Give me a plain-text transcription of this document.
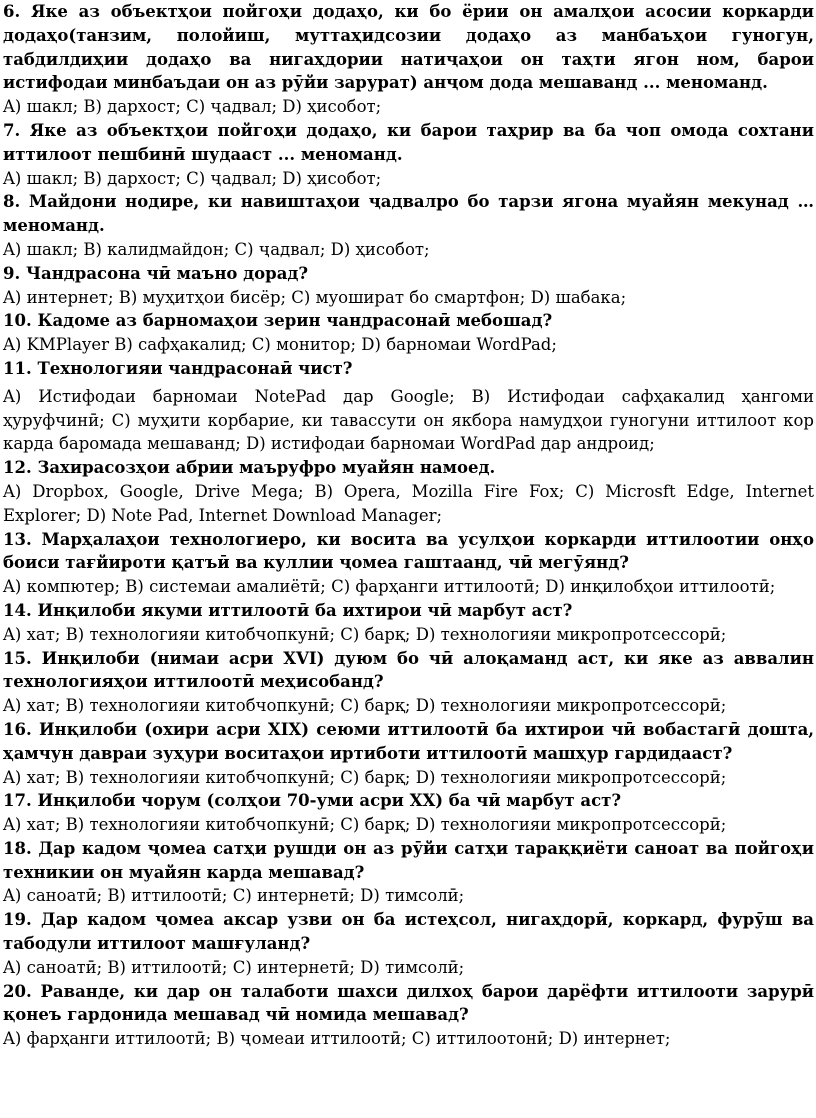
6. Яке аз объектҳои пойгоҳи додаҳо, ки бо ёрии он амалҳои асосии коркарди додаҳо(танзим, полойиш, муттаҳидсозии додаҳо аз манбаъҳои гуногун, табдилдиҳии додаҳо ва нигаҳдории натиҷаҳои он таҳти ягон ном, барои истифодаи минбаъдаи он аз рӯйи зарурат) анҷом дода мешаванд ... меноманд.

A) шакл; B) дархост; C) ҷадвал; D) ҳисобот;

7. Яке аз объектҳои пойгоҳи додаҳо, ки барои таҳрир ва ба чоп омода сохтани иттилоот пешбинӣ шудааст ... меноманд.

A) шакл; B) дархост; C) ҷадвал; D) ҳисобот;

8. Майдони нодире, ки навиштаҳои ҷадвалро бо тарзи ягона муайян мекунад … меноманд.

A) шакл; B) калидмайдон; C) ҷадвал; D) ҳисобот;

9. Чандрасона чӣ маъно дорад?

A) интернет; B) муҳитҳои бисёр; C) муоширaт бо смартфон; D) шабака;

10. Кадоме аз барномаҳои зерин чандрасонаӣ мебошад?

A) KMPlayer B) сафҳакалид; C) монитор; D) барномаи WordPad;

11. Технологияи чандрасонаӣ чист?

A) Истифодаи барномаи NotePad дар Google; B) Истифодаи сафҳакалид ҳангоми ҳуруфчинӣ; C) муҳити корбарие, ки тавассути он якбора намудҳои гуногуни иттилоот кор карда баромада мешаванд; D) истифодаи барномаи WordPad дар андроид;

12. Захирасозҳои абрии маъруфро муайян намоед.

A) Dropbox, Google, Drive Mega; B) Opera, Mozilla Fire Fox; C) Microsft Edge, Internet Explorer; D) Note Pad, Internet Download Manager;

13. Марҳалаҳои технологиеро, ки восита ва усулҳои коркарди иттилоотии онҳо боиси тағйироти қатъӣ ва куллии ҷомеа гаштаанд, чӣ мегӯянд?

A) компютер; B) системаи амалиётӣ; C) фарҳанги иттилоотӣ; D) инқилобҳои иттилоотӣ;

14. Инқилоби якуми иттилоотӣ ба ихтирои чӣ марбут аст?

A) хат; B) технологияи китобчопкунӣ; C) барқ; D) технологияи микропротсессорӣ;

15. Инқилоби (нимаи асри XVI) дуюм бо чӣ алоқаманд аст, ки яке аз аввалин технологияҳои иттилоотӣ меҳисобанд?

A) хат; B) технологияи китобчопкунӣ; C) барқ; D) технологияи микропротсессорӣ;

16. Инқилоби (охири асри XIX) сеюми иттилоотӣ ба ихтирои чӣ вобастагӣ дошта, ҳамчун давраи зуҳури воситаҳои иртиботи иттилоотӣ машҳур гардидааст?

A) хат; B) технологияи китобчопкунӣ; C) барқ; D) технологияи микропротсессорӣ;

17. Инқилоби чорум (солҳои 70-уми асри XX) ба чӣ марбут аст?

A) хат; B) технологияи китобчопкунӣ; C) барқ; D) технологияи микропротсессорӣ;

18. Дар кадом ҷомеа сатҳи рушди он аз рӯйи сатҳи тараққиёти саноат ва пойгоҳи техникии он муайян карда мешавад?

A) саноатӣ; B) иттилоотӣ; C) интернетӣ; D) тимсолӣ;

19. Дар кадом ҷомеа аксар узви он ба истеҳсол, нигаҳдорӣ, коркард, фурӯш ва табодули иттилоот машғуланд?

A) саноатӣ; B) иттилоотӣ; C) интернетӣ; D) тимсолӣ;

20. Раванде, ки дар он талаботи шахси дилхоҳ барои дарёфти иттилооти зарурӣ қонеъ гардонида мешавад чӣ номида мешавад?

A) фарҳанги иттилоотӣ; B) ҷомеаи иттилоотӣ; C) иттилоотонӣ; D) интернет;
